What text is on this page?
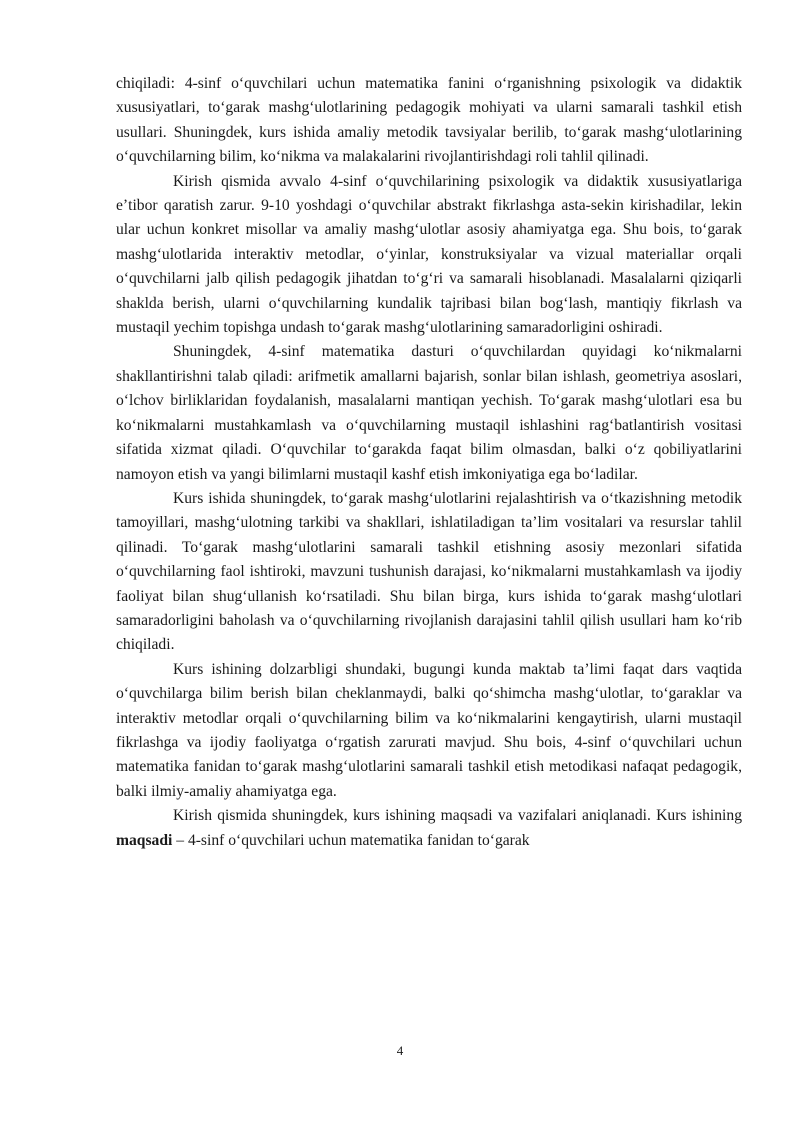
chiqiladi: 4-sinf oʻquvchilari uchun matematika fanini oʻrganishning psixologik va didaktik xususiyatlari, toʻgarak mashgʻulotlarining pedagogik mohiyati va ularni samarali tashkil etish usullari. Shuningdek, kurs ishida amaliy metodik tavsiyalar berilib, toʻgarak mashgʻulotlarining oʻquvchilarning bilim, koʻnikma va malakalarini rivojlantirishdagi roli tahlil qilinadi.

Kirish qismida avvalo 4-sinf oʻquvchilarining psixologik va didaktik xususiyatlariga eʼtibor qaratish zarur. 9-10 yoshdagi oʻquvchilar abstrakt fikrlashga asta-sekin kirishadilar, lekin ular uchun konkret misollar va amaliy mashgʻulotlar asosiy ahamiyatga ega. Shu bois, toʻgarak mashgʻulotlarida interaktiv metodlar, oʻyinlar, konstruksiyalar va vizual materiallar orqali oʻquvchilarni jalb qilish pedagogik jihatdan toʻgʻri va samarali hisoblanadi. Masalalarni qiziqarli shaklda berish, ularni oʻquvchilarning kundalik tajribasi bilan bogʻlash, mantiqiy fikrlash va mustaqil yechim topishga undash toʻgarak mashgʻulotlarining samaradorligini oshiradi.

Shuningdek, 4-sinf matematika dasturi oʻquvchilardan quyidagi koʻnikmalarni shakllantirishni talab qiladi: arifmetik amallarni bajarish, sonlar bilan ishlash, geometriya asoslari, oʻlchov birliklaridan foydalanish, masalalarni mantiqan yechish. Toʻgarak mashgʻulotlari esa bu koʻnikmalarni mustahkamlash va oʻquvchilarning mustaqil ishlashini ragʻbatlantirish vositasi sifatida xizmat qiladi. Oʻquvchilar toʻgarakda faqat bilim olmasdan, balki oʻz qobiliyatlarini namoyon etish va yangi bilimlarni mustaqil kashf etish imkoniyatiga ega boʻladilar.

Kurs ishida shuningdek, toʻgarak mashgʻulotlarini rejalashtirish va oʻtkazishning metodik tamoyillari, mashgʻulotning tarkibi va shakllari, ishlatiladigan taʼlim vositalari va resurslar tahlil qilinadi. Toʻgarak mashgʻulotlarini samarali tashkil etishning asosiy mezonlari sifatida oʻquvchilarning faol ishtiroki, mavzuni tushunish darajasi, koʻnikmalarni mustahkamlash va ijodiy faoliyat bilan shugʻullanish koʻrsatiladi. Shu bilan birga, kurs ishida toʻgarak mashgʻulotlari samaradorligini baholash va oʻquvchilarning rivojlanish darajasini tahlil qilish usullari ham koʻrib chiqiladi.

Kurs ishining dolzarbligi shundaki, bugungi kunda maktab taʼlimi faqat dars vaqtida oʻquvchilarga bilim berish bilan cheklanmaydi, balki qoʻshimcha mashgʻulotlar, toʻgaraklar va interaktiv metodlar orqali oʻquvchilarning bilim va koʻnikmalarini kengaytirish, ularni mustaqil fikrlashga va ijodiy faoliyatga oʻrgatish zarurati mavjud. Shu bois, 4-sinf oʻquvchilari uchun matematika fanidan toʻgarak mashgʻulotlarini samarali tashkil etish metodikasi nafaqat pedagogik, balki ilmiy-amaliy ahamiyatga ega.

Kirish qismida shuningdek, kurs ishining maqsadi va vazifalari aniqlanadi. Kurs ishining maqsadi – 4-sinf oʻquvchilari uchun matematika fanidan toʻgarak

4
